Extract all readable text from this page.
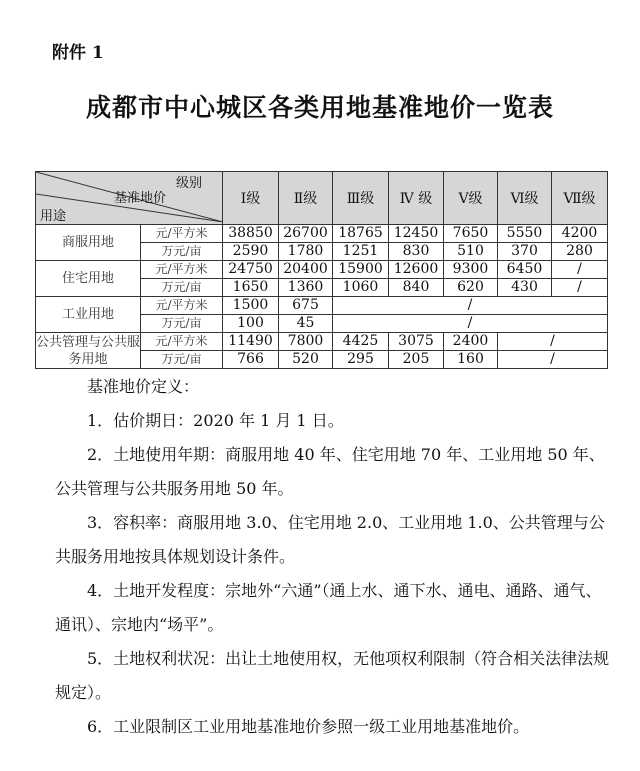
附件 1
成都市中心城区各类用地基准地价一览表
级别
基准地价
用途		Ⅰ级	Ⅱ级	Ⅲ级	Ⅳ 级	Ⅴ级	Ⅵ级	Ⅶ级
商服用地	元/平方米	38850	26700	18765	12450	7650	5550	4200
	万元/亩	2590	1780	1251	830	510	370	280
住宅用地	元/平方米	24750	20400	15900	12600	9300	6450	/
	万元/亩	1650	1360	1060	840	620	430	/
工业用地	元/平方米	1500	675	/				
	万元/亩	100	45	/				
公共管理与公共服务用地	元/平方米	11490	7800	4425	3075	2400	/	
	万元/亩	766	520	295	205	160	/	

基准地价定义：

1．估价期日：2020 年 1 月 1 日。

2．土地使用年期：商服用地 40 年、住宅用地 70 年、工业用地 50 年、公共管理与公共服务用地 50 年。

3．容积率：商服用地 3.0、住宅用地 2.0、工业用地 1.0、公共管理与公共服务用地按具体规划设计条件。

4．土地开发程度：宗地外“六通”（通上水、通下水、通电、通路、通气、通讯）、宗地内“场平”。

5．土地权利状况：出让土地使用权，无他项权利限制（符合相关法律法规规定）。

6．工业限制区工业用地基准地价参照一级工业用地基准地价。
